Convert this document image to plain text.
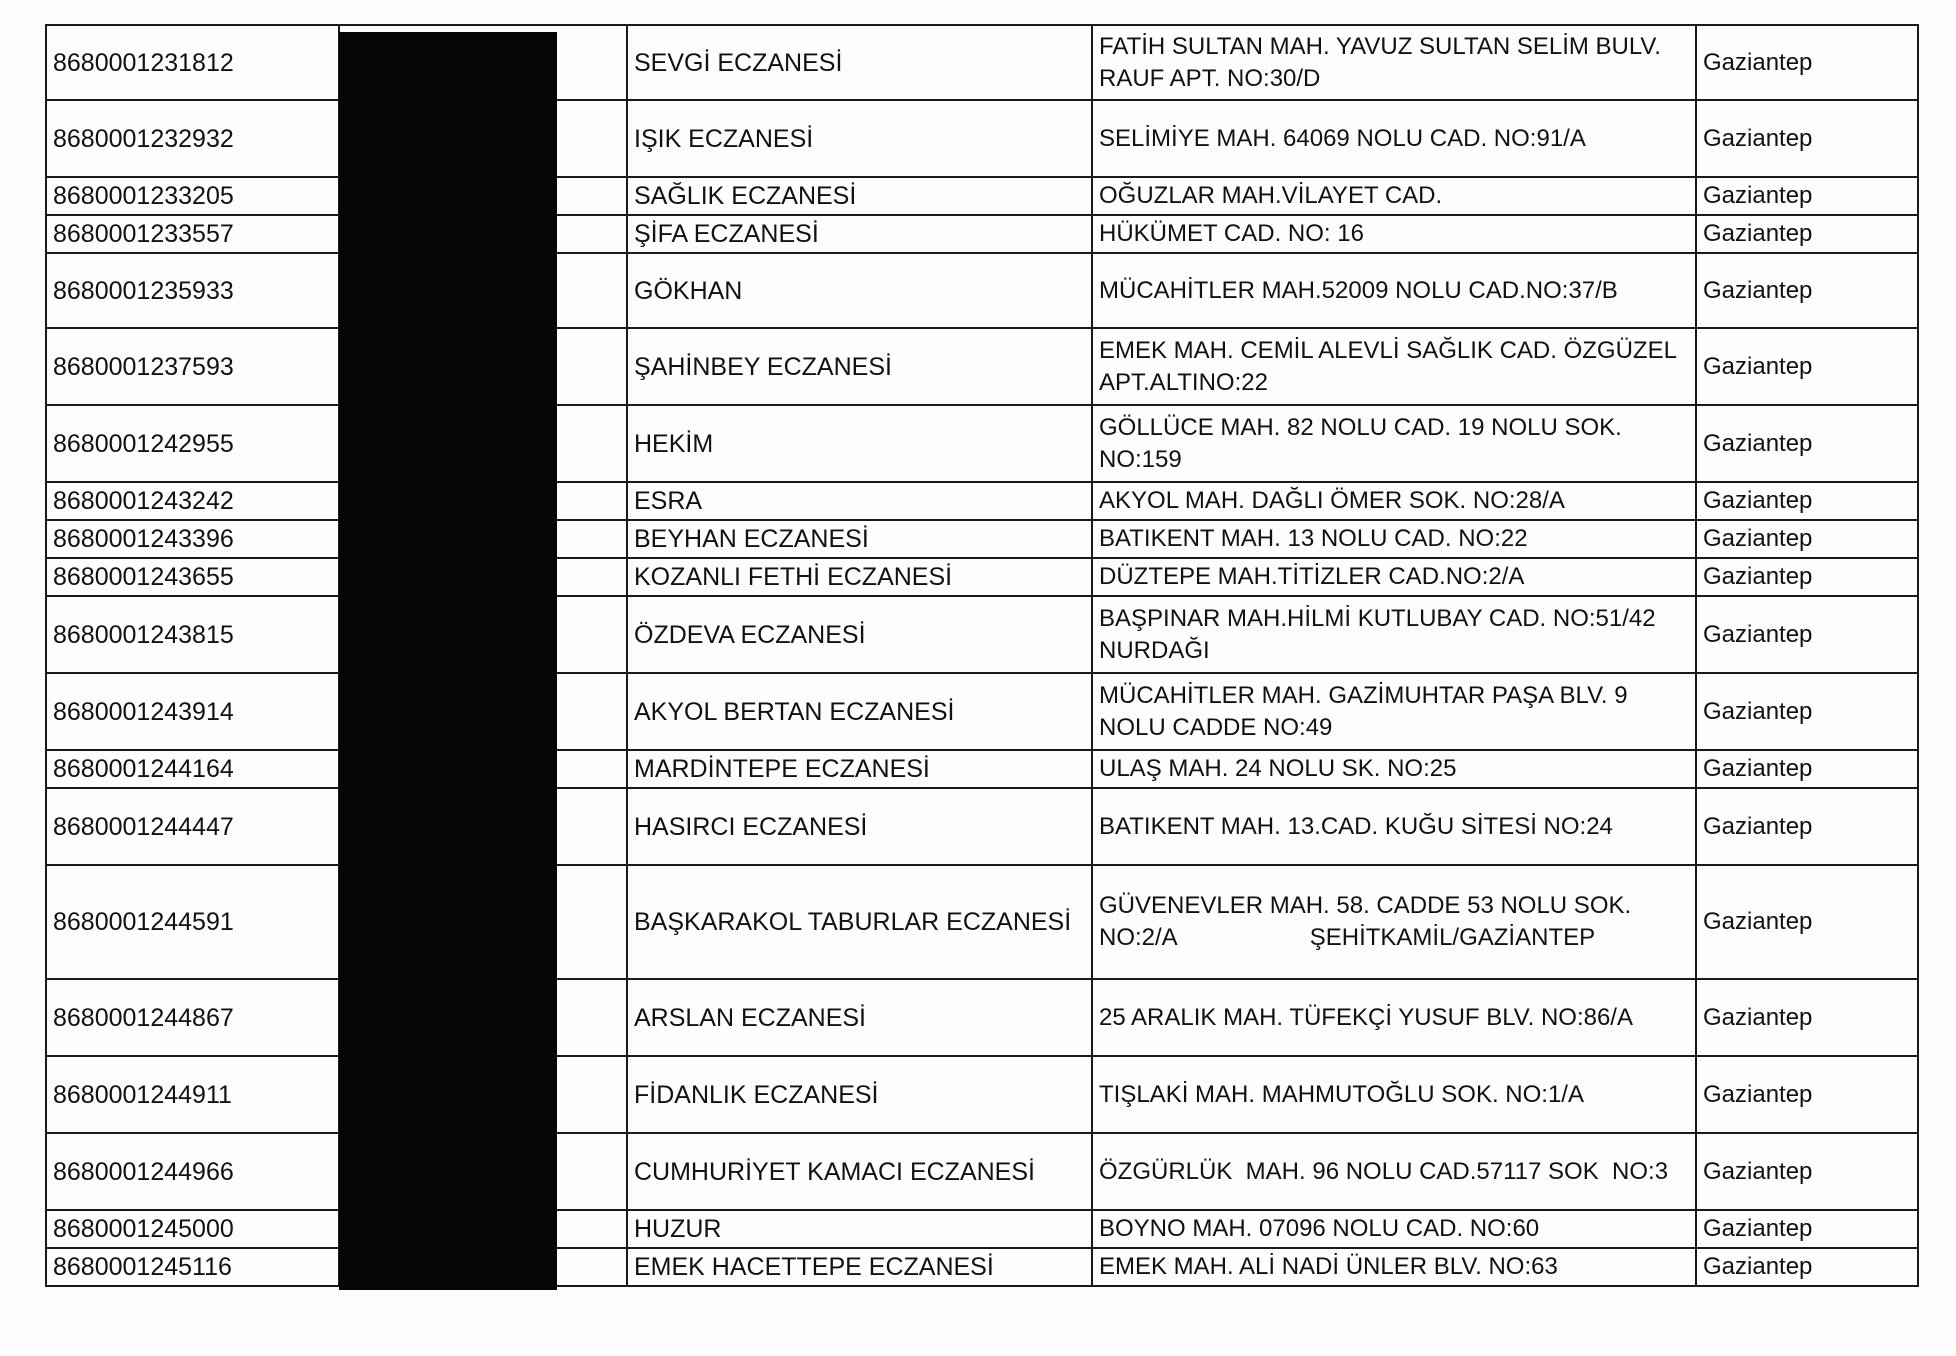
8680001231812		SEVGİ ECZANESİ	FATİH SULTAN MAH. YAVUZ SULTAN SELİM BULV. RAUF APT. NO:30/D	Gaziantep
8680001232932		IŞIK ECZANESİ	SELİMİYE MAH. 64069 NOLU CAD. NO:91/A	Gaziantep
8680001233205		SAĞLIK ECZANESİ	OĞUZLAR MAH.VİLAYET CAD.	Gaziantep
8680001233557		ŞİFA ECZANESİ	HÜKÜMET CAD. NO: 16	Gaziantep
8680001235933		GÖKHAN	MÜCAHİTLER MAH.52009 NOLU CAD.NO:37/B	Gaziantep
8680001237593		ŞAHİNBEY ECZANESİ	EMEK MAH. CEMİL ALEVLİ SAĞLIK CAD. ÖZGÜZEL APT.ALTINO:22	Gaziantep
8680001242955		HEKİM	GÖLLÜCE MAH. 82 NOLU CAD. 19 NOLU SOK. NO:159	Gaziantep
8680001243242		ESRA	AKYOL MAH. DAĞLI ÖMER SOK. NO:28/A	Gaziantep
8680001243396		BEYHAN ECZANESİ	BATIKENT MAH. 13 NOLU CAD. NO:22	Gaziantep
8680001243655		KOZANLI FETHİ ECZANESİ	DÜZTEPE MAH.TİTİZLER CAD.NO:2/A	Gaziantep
8680001243815		ÖZDEVA ECZANESİ	BAŞPINAR MAH.HİLMİ KUTLUBAY CAD. NO:51/42 NURDAĞI	Gaziantep
8680001243914		AKYOL BERTAN ECZANESİ	MÜCAHİTLER MAH. GAZİMUHTAR PAŞA BLV. 9 NOLU CADDE NO:49	Gaziantep
8680001244164		MARDİNTEPE ECZANESİ	ULAŞ MAH. 24 NOLU SK. NO:25	Gaziantep
8680001244447		HASIRCI ECZANESİ	BATIKENT MAH. 13.CAD. KUĞU SİTESİ NO:24	Gaziantep
8680001244591		BAŞKARAKOL TABURLAR ECZANESİ	GÜVENEVLER MAH. 58. CADDE 53 NOLU SOK. NO:2/A                    ŞEHİTKAMİL/GAZİANTEP	Gaziantep
8680001244867		ARSLAN ECZANESİ	25 ARALIK MAH. TÜFEKÇİ YUSUF BLV. NO:86/A	Gaziantep
8680001244911		FİDANLIK ECZANESİ	TIŞLAKİ MAH. MAHMUTOĞLU SOK. NO:1/A	Gaziantep
8680001244966		CUMHURİYET KAMACI ECZANESİ	ÖZGÜRLÜK  MAH. 96 NOLU CAD.57117 SOK  NO:3	Gaziantep
8680001245000		HUZUR	BOYNO MAH. 07096 NOLU CAD. NO:60	Gaziantep
8680001245116		EMEK HACETTEPE ECZANESİ	EMEK MAH. ALİ NADİ ÜNLER BLV. NO:63	Gaziantep
